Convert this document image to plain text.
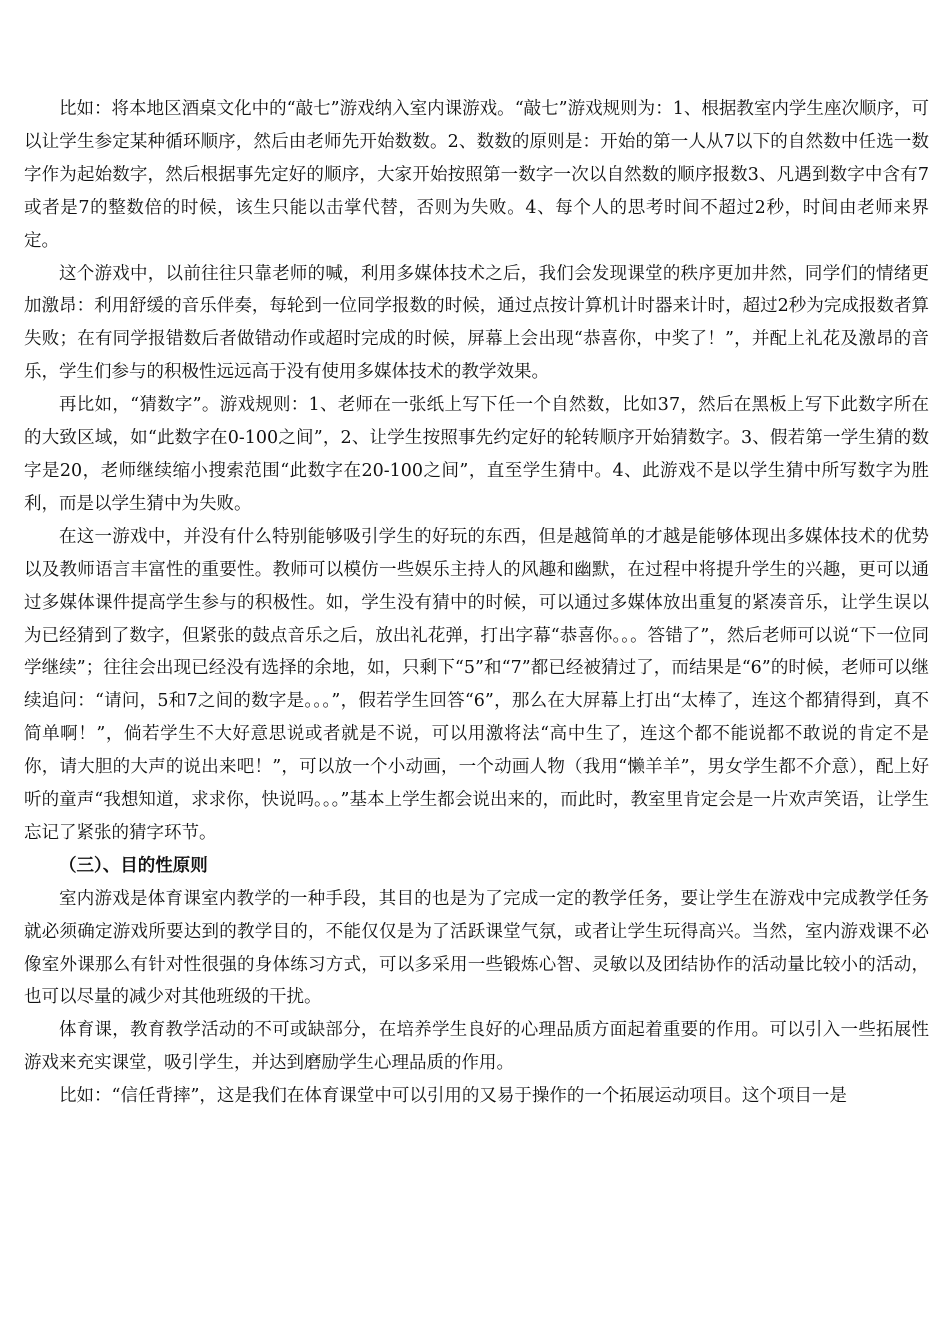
比如：将本地区酒桌文化中的“敲七”游戏纳入室内课游戏。“敲七”游戏规则为：1、根据教室内学生座次顺序，可以让学生参定某种循环顺序，然后由老师先开始数数。2、数数的原则是：开始的第一人从7以下的自然数中任选一数字作为起始数字，然后根据事先定好的顺序，大家开始按照第一数字一次以自然数的顺序报数3、凡遇到数字中含有7或者是7的整数倍的时候，该生只能以击掌代替，否则为失败。4、每个人的思考时间不超过2秒，时间由老师来界定。

这个游戏中，以前往往只靠老师的喊，利用多媒体技术之后，我们会发现课堂的秩序更加井然，同学们的情绪更加激昂：利用舒缓的音乐伴奏，每轮到一位同学报数的时候，通过点按计算机计时器来计时，超过2秒为完成报数者算失败；在有同学报错数后者做错动作或超时完成的时候，屏幕上会出现“恭喜你，中奖了！”，并配上礼花及激昂的音乐，学生们参与的积极性远远高于没有使用多媒体技术的教学效果。

再比如，“猜数字”。游戏规则：1、老师在一张纸上写下任一个自然数，比如37，然后在黑板上写下此数字所在的大致区域，如“此数字在0-100之间”，2、让学生按照事先约定好的轮转顺序开始猜数字。3、假若第一学生猜的数字是20，老师继续缩小搜索范围“此数字在20-100之间”，直至学生猜中。4、此游戏不是以学生猜中所写数字为胜利，而是以学生猜中为失败。

在这一游戏中，并没有什么特别能够吸引学生的好玩的东西，但是越简单的才越是能够体现出多媒体技术的优势以及教师语言丰富性的重要性。教师可以模仿一些娱乐主持人的风趣和幽默，在过程中将提升学生的兴趣，更可以通过多媒体课件提高学生参与的积极性。如，学生没有猜中的时候，可以通过多媒体放出重复的紧凑音乐，让学生误以为已经猜到了数字，但紧张的鼓点音乐之后，放出礼花弹，打出字幕“恭喜你。。。答错了”，然后老师可以说“下一位同学继续”；往往会出现已经没有选择的余地，如，只剩下“5”和“7”都已经被猜过了，而结果是“6”的时候，老师可以继续追问：“请问，5和7之间的数字是。。。”，假若学生回答“6”，那么在大屏幕上打出“太棒了，连这个都猜得到，真不简单啊！”，倘若学生不大好意思说或者就是不说，可以用激将法“高中生了，连这个都不能说都不敢说的肯定不是你，请大胆的大声的说出来吧！”，可以放一个小动画，一个动画人物（我用“懒羊羊”，男女学生都不介意），配上好听的童声“我想知道，求求你，快说吗。。。”基本上学生都会说出来的，而此时，教室里肯定会是一片欢声笑语，让学生忘记了紧张的猜字环节。

（三）、目的性原则

室内游戏是体育课室内教学的一种手段，其目的也是为了完成一定的教学任务，要让学生在游戏中完成教学任务就必须确定游戏所要达到的教学目的，不能仅仅是为了活跃课堂气氛，或者让学生玩得高兴。当然，室内游戏课不必像室外课那么有针对性很强的身体练习方式，可以多采用一些锻炼心智、灵敏以及团结协作的活动量比较小的活动，也可以尽量的减少对其他班级的干扰。

体育课，教育教学活动的不可或缺部分，在培养学生良好的心理品质方面起着重要的作用。可以引入一些拓展性游戏来充实课堂，吸引学生，并达到磨励学生心理品质的作用。

比如：“信任背摔”，这是我们在体育课堂中可以引用的又易于操作的一个拓展运动项目。这个项目一是
